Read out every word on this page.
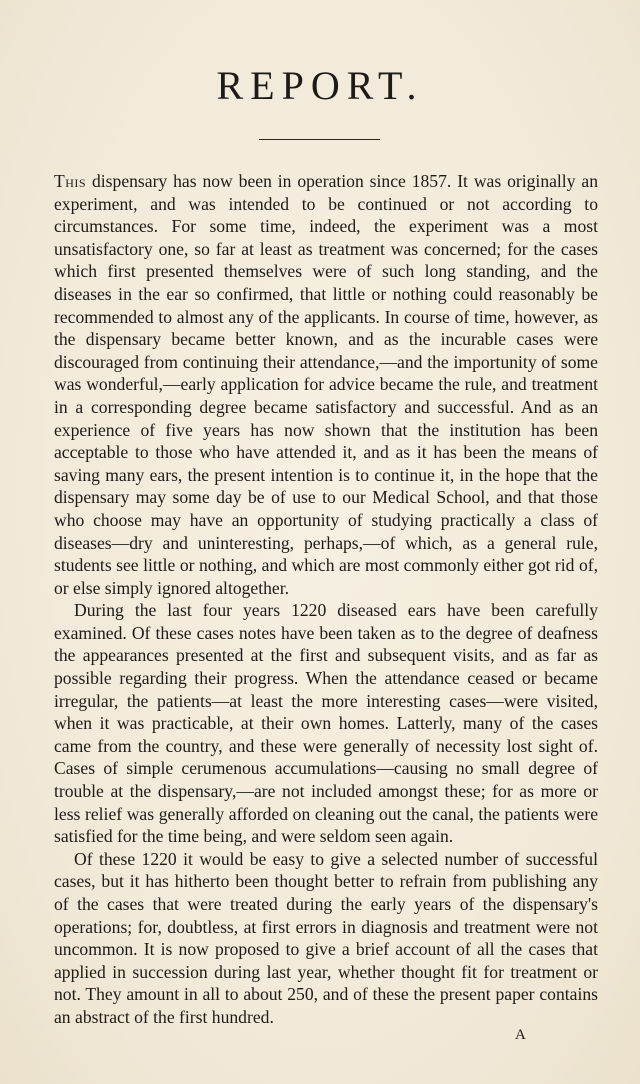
REPORT.

This dispensary has now been in operation since 1857. It was originally an experiment, and was intended to be continued or not according to circumstances. For some time, indeed, the experiment was a most unsatisfactory one, so far at least as treatment was concerned; for the cases which first presented themselves were of such long standing, and the diseases in the ear so confirmed, that little or nothing could reasonably be recommended to almost any of the applicants. In course of time, however, as the dispensary became better known, and as the incurable cases were discouraged from continuing their attendance,—and the importunity of some was wonderful,—early application for advice became the rule, and treatment in a corresponding degree became satisfactory and successful. And as an experience of five years has now shown that the institution has been acceptable to those who have attended it, and as it has been the means of saving many ears, the present intention is to continue it, in the hope that the dispensary may some day be of use to our Medical School, and that those who choose may have an opportunity of studying practically a class of diseases—dry and uninteresting, perhaps,—of which, as a general rule, students see little or nothing, and which are most commonly either got rid of, or else simply ignored altogether.

During the last four years 1220 diseased ears have been carefully examined. Of these cases notes have been taken as to the degree of deafness the appearances presented at the first and subsequent visits, and as far as possible regarding their progress. When the attendance ceased or became irregular, the patients—at least the more interesting cases—were visited, when it was practicable, at their own homes. Latterly, many of the cases came from the country, and these were generally of necessity lost sight of. Cases of simple cerumenous accumulations—causing no small degree of trouble at the dispensary,—are not included amongst these; for as more or less relief was generally afforded on cleaning out the canal, the patients were satisfied for the time being, and were seldom seen again.

Of these 1220 it would be easy to give a selected number of successful cases, but it has hitherto been thought better to refrain from publishing any of the cases that were treated during the early years of the dispensary's operations; for, doubtless, at first errors in diagnosis and treatment were not uncommon. It is now proposed to give a brief account of all the cases that applied in succession during last year, whether thought fit for treatment or not. They amount in all to about 250, and of these the present paper contains an abstract of the first hundred.

A
